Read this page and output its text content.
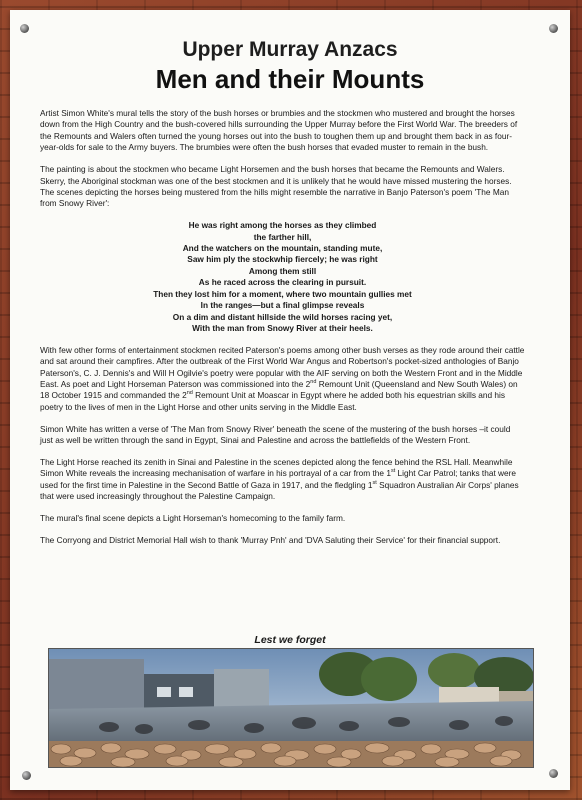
Upper Murray Anzacs
Men and their Mounts

Artist Simon White's mural tells the story of the bush horses or brumbies and the stockmen who mustered and brought the horses down from the High Country and the bush-covered hills surrounding the Upper Murray before the First World War. The breeders of the Remounts and Walers often turned the young horses out into the bush to toughen them up and brought them back in as four-year-olds for sale to the Army buyers. The brumbies were often the bush horses that evaded muster to remain in the bush.

The painting is about the stockmen who became Light Horsemen and the bush horses that became the Remounts and Walers. Skerry, the Aboriginal stockman was one of the best stockmen and it is unlikely that he would have missed mustering the horses. The scenes depicting the horses being mustered from the hills might resemble the narrative in Banjo Paterson's poem 'The Man from Snowy River':

He was right among the horses as they climbed
the farther hill,
And the watchers on the mountain, standing mute,
Saw him ply the stockwhip fiercely; he was right
Among them still
As he raced across the clearing in pursuit.
Then they lost him for a moment, where two mountain gullies met
In the ranges—but a final glimpse reveals
On a dim and distant hillside the wild horses racing yet,
With the man from Snowy River at their heels.

With few other forms of entertainment stockmen recited Paterson's poems among other bush verses as they rode around their cattle and sat around their campfires. After the outbreak of the First World War Angus and Robertson's pocket-sized anthologies of Banjo Paterson's, C. J. Dennis's and Will H Ogilvie's poetry were popular with the AIF serving on both the Western Front and in the Middle East. As poet and Light Horseman Paterson was commissioned into the 2nd Remount Unit (Queensland and New South Wales) on 18 October 1915 and commanded the 2nd Remount Unit at Moascar in Egypt where he added both his equestrian skills and his poetry to the lives of men in the Light Horse and other units serving in the Middle East.

Simon White has written a verse of 'The Man from Snowy River' beneath the scene of the mustering of the bush horses –it could just as well be written through the sand in Egypt, Sinai and Palestine and across the battlefields of the Western Front.

The Light Horse reached its zenith in Sinai and Palestine in the scenes depicted along the fence behind the RSL Hall. Meanwhile Simon White reveals the increasing mechanisation of warfare in his portrayal of a car from the 1st Light Car Patrol; tanks that were used for the first time in Palestine in the Second Battle of Gaza in 1917, and the fledgling 1st Squadron Australian Air Corps' planes that were used increasingly throughout the Palestine Campaign.

The mural's final scene depicts a Light Horseman's homecoming to the family farm.

The Corryong and District Memorial Hall wish to thank 'Murray Pnh' and 'DVA Saluting their Service' for their financial support.

Lest we forget
